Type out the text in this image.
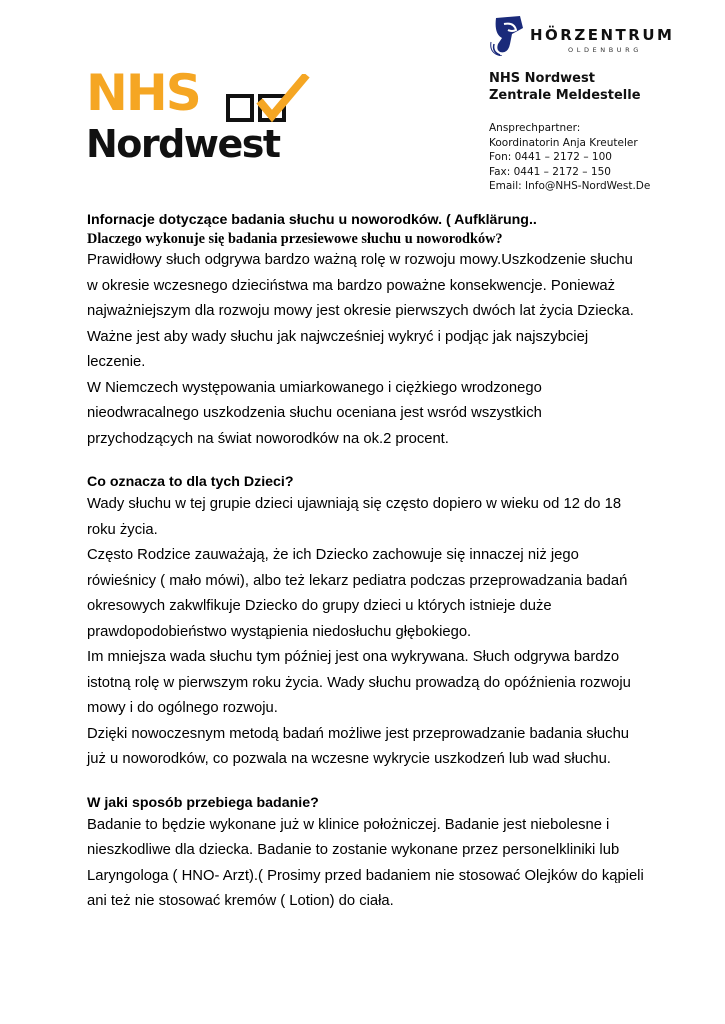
HÖRZENTRUM
OLDENBURG
NHS
Nordwest
NHS Nordwest
Zentrale Meldestelle
Ansprechpartner:
Koordinatorin Anja Kreuteler
Fon: 0441 – 2172 – 100
Fax: 0441 – 2172 – 150
Email: Info@NHS-NordWest.De

Infornacje dotyczące badania słuchu u noworodków. ( Aufklärung..

Dlaczego wykonuje się badania przesiewowe słuchu u noworodków?

Prawidłowy słuch odgrywa bardzo ważną rolę w rozwoju mowy.Uszkodzenie słuchu

w okresie wczesnego dzieciństwa ma bardzo poważne konsekwencje. Ponieważ

najważniejszym dla rozwoju mowy jest okresie pierwszych dwóch lat życia Dziecka.

Ważne jest aby wady słuchu jak najwcześniej wykryć i podjąc jak najszybciej

leczenie.

W Niemczech występowania umiarkowanego i ciężkiego wrodzonego

nieodwracalnego uszkodzenia słuchu oceniana jest wsród wszystkich

przychodzących na świat noworodków na ok.2 procent.

Co oznacza to dla tych Dzieci?

Wady słuchu w tej grupie dzieci ujawniają się często dopiero w wieku od 12 do 18

roku życia.

Często Rodzice zauważają, że ich Dziecko zachowuje się innaczej niż jego

rówieśnicy ( mało mówi), albo też lekarz pediatra podczas przeprowadzania badań

okresowych zakwlfikuje Dziecko do grupy dzieci u których istnieje duże

prawdopodobieństwo wystąpienia niedosłuchu głębokiego.

Im mniejsza wada słuchu tym później jest ona wykrywana. Słuch odgrywa bardzo

istotną rolę w pierwszym roku życia. Wady słuchu prowadzą do opóźnienia rozwoju

mowy i do ogólnego rozwoju.

Dzięki nowoczesnym metodą badań możliwe jest przeprowadzanie badania słuchu

już u noworodków, co pozwala na wczesne wykrycie uszkodzeń lub wad słuchu.

W jaki sposób przebiega badanie?

Badanie to będzie wykonane już w klinice położniczej. Badanie jest niebolesne i

nieszkodliwe dla dziecka. Badanie to zostanie wykonane przez personelkliniki lub

Laryngologa ( HNO- Arzt).( Prosimy przed badaniem nie stosować Olejków do kąpieli

ani też nie stosować kremów ( Lotion) do ciała.
